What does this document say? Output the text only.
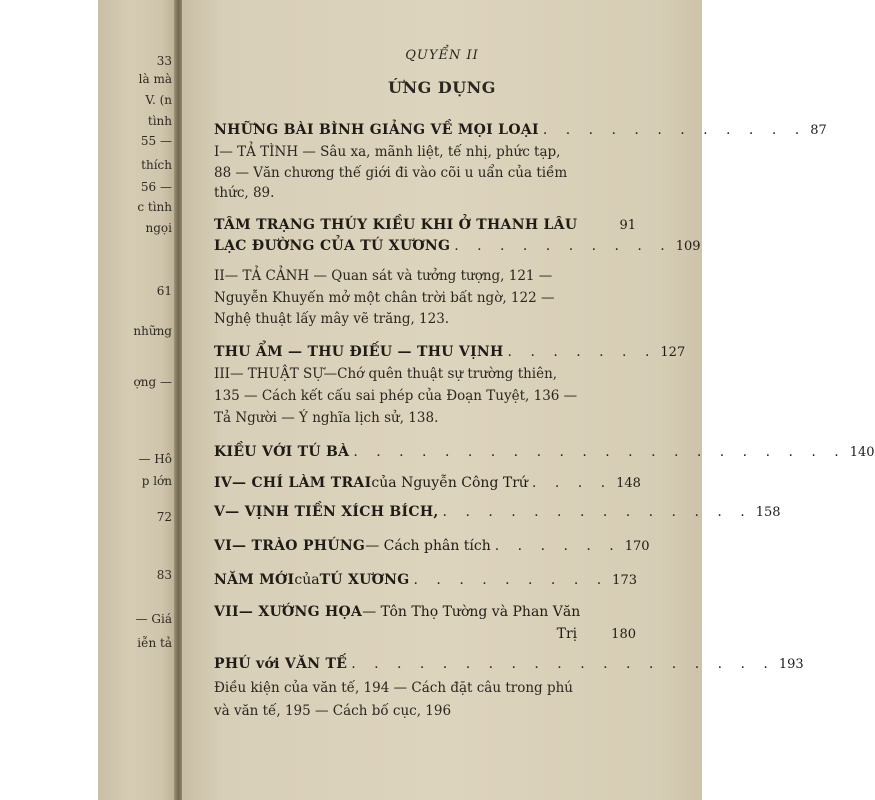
33
là mà
V. (n
tình
55 —
thích
56 —
c tình
ngọi
61
những
ợng —
— Hô
p lớn
72
83
— Giá
iễn tả
QUYỂN II
ỨNG DỤNG
NHỮNG BÀI BÌNH GIẢNG VỀ MỌI LOẠI . . . . . . . . . . . . 87
I— TẢ TÌNH — Sâu xa, mãnh liệt, tế nhị, phức tạp,
88 — Văn chương thế giới đi vào cõi u uẩn của tiềm
thức, 89.
TÂM TRẠNG THÚY KIỀU KHI Ở THANH LÂU	91
LẠC ĐƯỜNG CỦA TÚ XƯƠNG . . . . . . . . . . 109
II— TẢ CẢNH — Quan sát và tưởng tượng, 121 —
Nguyễn Khuyến mở một chân trời bất ngờ, 122 —
Nghệ thuật lấy mây vẽ trăng, 123.
THU ẨM — THU ĐIẾU — THU VỊNH . . . . . . . 127
III— THUẬT SỰ—Chớ quên thuật sự trường thiên,
135 — Cách kết cấu sai phép của Đoạn Tuyệt, 136 —
Tả Người — Ý nghĩa lịch sử, 138.
KIỀU VỚI TÚ BÀ . . . . . . . . . . . . . . . . . . . . . . 140
IV— CHÍ LÀM TRAI của Nguyễn Công Trứ . . . . 148
V— VỊNH TIỀN XÍCH BÍCH, . . . . . . . . . . . . . . 158
VI— TRÀO PHÚNG — Cách phân tích . . . . . . 170
NĂM MỚI của TÚ XƯƠNG . . . . . . . . . 173
VII— XƯỚNG HỌA — Tôn Thọ Tường và Phan Văn
Trị	180
PHÚ với VĂN TẾ . . . . . . . . . . . . . . . . . . . 193
Điều kiện của văn tế, 194 — Cách đặt câu trong phú
và văn tế, 195 — Cách bố cục, 196
